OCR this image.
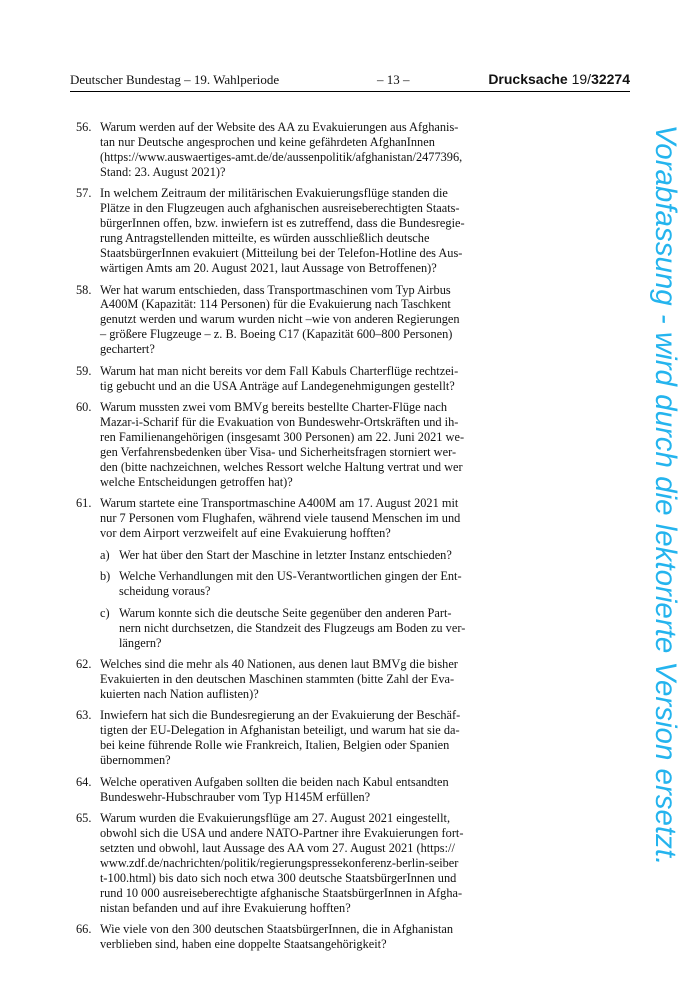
Deutscher Bundestag – 19. Wahlperiode	– 13 –	Drucksache 19/32274
56. Warum werden auf der Website des AA zu Evakuierungen aus Afghanis-
tan nur Deutsche angesprochen und keine gefährdeten AfghanInnen
(https://www.auswaertiges-amt.de/de/aussenpolitik/afghanistan/2477396,
Stand: 23. August 2021)?
57. In welchem Zeitraum der militärischen Evakuierungsflüge standen die
Plätze in den Flugzeugen auch afghanischen ausreiseberechtigten Staats-
bürgerInnen offen, bzw. inwiefern ist es zutreffend, dass die Bundesregie-
rung Antragstellenden mitteilte, es würden ausschließlich deutsche
StaatsbürgerInnen evakuiert (Mitteilung bei der Telefon-Hotline des Aus-
wärtigen Amts am 20. August 2021, laut Aussage von Betroffenen)?
58. Wer hat warum entschieden, dass Transportmaschinen vom Typ Airbus
A400M (Kapazität: 114 Personen) für die Evakuierung nach Taschkent
genutzt werden und warum wurden nicht –wie von anderen Regierungen
– größere Flugzeuge – z. B. Boeing C17 (Kapazität 600–800 Personen)
gechartert?
59. Warum hat man nicht bereits vor dem Fall Kabuls Charterflüge rechtzei-
tig gebucht und an die USA Anträge auf Landegenehmigungen gestellt?
60. Warum mussten zwei vom BMVg bereits bestellte Charter-Flüge nach
Mazar-i-Scharif für die Evakuation von Bundeswehr-Ortskräften und ih-
ren Familienangehörigen (insgesamt 300 Personen) am 22. Juni 2021 we-
gen Verfahrensbedenken über Visa- und Sicherheitsfragen storniert wer-
den (bitte nachzeichnen, welches Ressort welche Haltung vertrat und wer
welche Entscheidungen getroffen hat)?
61. Warum startete eine Transportmaschine A400M am 17. August 2021 mit
nur 7 Personen vom Flughafen, während viele tausend Menschen im und
vor dem Airport verzweifelt auf eine Evakuierung hofften?
a) Wer hat über den Start der Maschine in letzter Instanz entschieden?
b) Welche Verhandlungen mit den US-Verantwortlichen gingen der Ent-
scheidung voraus?
c) Warum konnte sich die deutsche Seite gegenüber den anderen Part-
nern nicht durchsetzen, die Standzeit des Flugzeugs am Boden zu ver-
längern?
62. Welches sind die mehr als 40 Nationen, aus denen laut BMVg die bisher
Evakuierten in den deutschen Maschinen stammten (bitte Zahl der Eva-
kuierten nach Nation auflisten)?
63. Inwiefern hat sich die Bundesregierung an der Evakuierung der Beschäf-
tigten der EU-Delegation in Afghanistan beteiligt, und warum hat sie da-
bei keine führende Rolle wie Frankreich, Italien, Belgien oder Spanien
übernommen?
64. Welche operativen Aufgaben sollten die beiden nach Kabul entsandten
Bundeswehr-Hubschrauber vom Typ H145M erfüllen?
65. Warum wurden die Evakuierungsflüge am 27. August 2021 eingestellt,
obwohl sich die USA und andere NATO-Partner ihre Evakuierungen fort-
setzten und obwohl, laut Aussage des AA vom 27. August 2021 (https://
www.zdf.de/nachrichten/politik/regierungspressekonferenz-berlin-seiber
t-100.html) bis dato sich noch etwa 300 deutsche StaatsbürgerInnen und
rund 10 000 ausreiseberechtigte afghanische StaatsbürgerInnen in Afgha-
nistan befanden und auf ihre Evakuierung hofften?
66. Wie viele von den 300 deutschen StaatsbürgerInnen, die in Afghanistan
verblieben sind, haben eine doppelte Staatsangehörigkeit?
Vorabfassung - wird durch die lektorierte Version ersetzt.
